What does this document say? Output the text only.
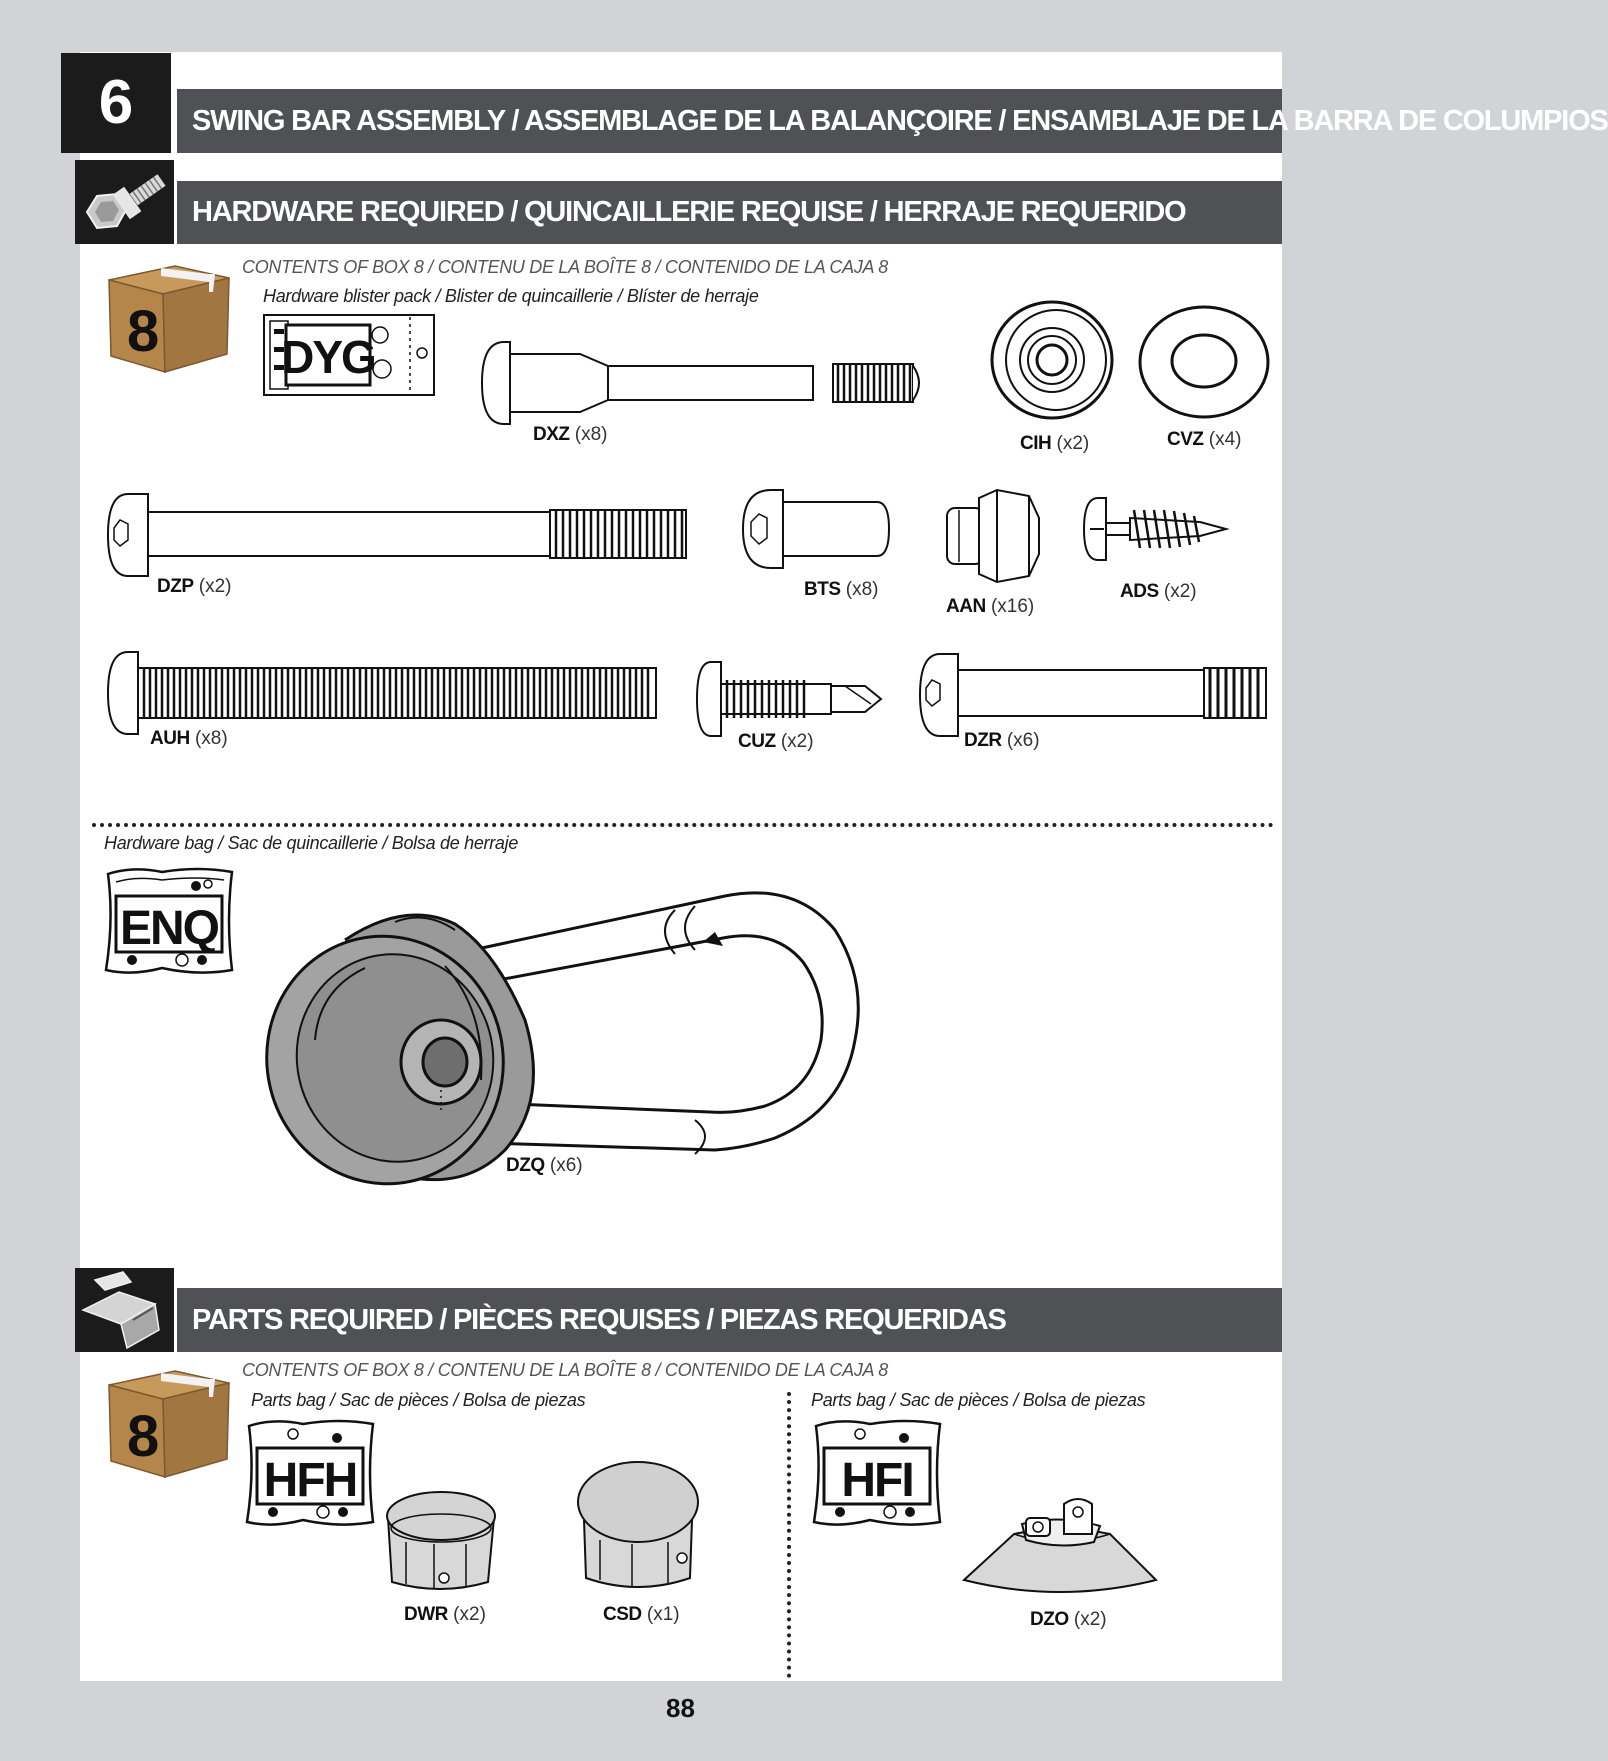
6	SWING BAR ASSEMBLY / ASSEMBLAGE DE LA BALANÇOIRE / ENSAMBLAJE DE LA BARRA DE COLUMPIOS
HARDWARE REQUIRED / QUINCAILLERIE REQUISE / HERRAJE REQUERIDO
8
CONTENTS OF BOX 8 / CONTENU DE LA BOÎTE 8 / CONTENIDO DE LA CAJA 8
Hardware blister pack / Blister de quincaillerie / Blíster de herraje
DYG
DXZ (x8)	CIH (x2)	CVZ (x4)
DZP (x2)	BTS (x8)
AAN (x16)
ADS (x2)
AUH (x8)	CUZ (x2)	DZR (x6)
Hardware bag / Sac de quincaillerie / Bolsa de herraje
ENQ
DZQ (x6)
PARTS REQUIRED / PIÈCES REQUISES / PIEZAS REQUERIDAS
8
CONTENTS OF BOX 8 / CONTENU DE LA BOÎTE 8 / CONTENIDO DE LA CAJA 8
Parts bag / Sac de pièces / Bolsa de piezas	Parts bag / Sac de pièces / Bolsa de piezas
HFH
DWR (x2)	CSD (x1)
HFI
DZO (x2)
88
